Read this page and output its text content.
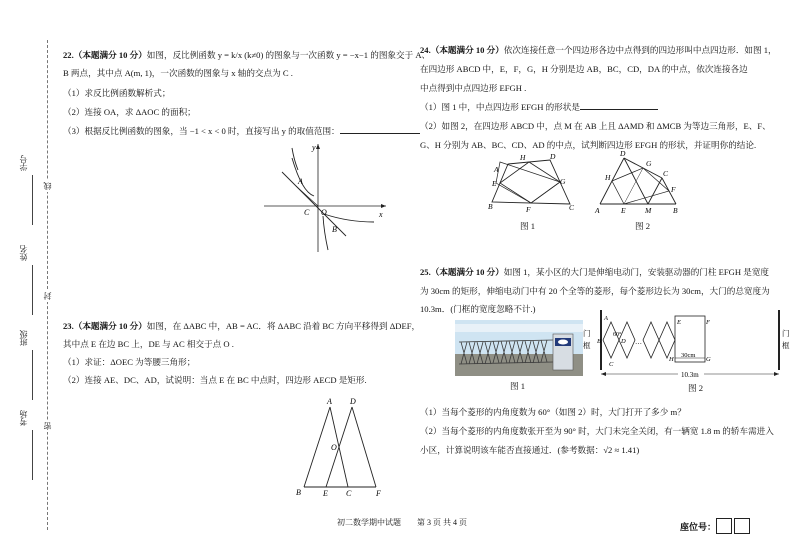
学号
姓名
班级
考场
线
封
密
22.（本题满分 10 分）如图，反比例函数 y = k/x (k≠0) 的图象与一次函数 y = −x−1 的图象交于 A、
B 两点，其中点 A(m, 1)，一次函数的图象与 x 轴的交点为 C .
（1）求反比例函数解析式；
（2）连接 OA，求 ΔAOC 的面积；
（3）根据反比例函数的图象，当 −1 < x < 0 时，直接写出 y 的取值范围：
y
x
A
B
C O
23.（本题满分 10 分）如图，在 ΔABC 中，AB = AC．将 ΔABC 沿着 BC 方向平移得到 ΔDEF，
其中点 E 在边 BC 上，DE 与 AC 相交于点 O .
（1）求证：ΔOEC 为等腰三角形；
（2）连接 AE、DC、AD，试说明：当点 E 在 BC 中点时，四边形 AECD 是矩形.
A D
O
B	E C	F
24.（本题满分 10 分）依次连接任意一个四边形各边中点得到的四边形叫中点四边形．如图 1，
在四边形 ABCD 中，E，F，G，H 分别是边 AB，BC，CD，DA 的中点，依次连接各边
中点得到中点四边形 EFGH .
（1）图 1 中，中点四边形 EFGH 的形状是
（2）如图 2，在四边形 ABCD 中，点 M 在 AB 上且 ΔAMD 和 ΔMCB 为等边三角形，E、F、
G、H 分别为 AB、BC、CD、AD 的中点，试判断四边形 EFGH 的形状，并证明你的结论.
H	D
A
E	G
B	F	C
图 1
D
H	C
G
F
A	E	M	B
图 2
25.（本题满分 10 分）如图 1，某小区的大门是伸缩电动门，安装驱动器的门柱 EFGH 是宽度
为 30cm 的矩形，伸缩电动门中有 20 个全等的菱形，每个菱形边长为 30cm，大门的总宽度为
10.3m．(门框的宽度忽略不计.)
图 1
门
框
门
框
…
60°
A
B
C
D
E	F
G
H
30cm
10.3m
图 2
（1）当每个菱形的内角度数为 60°（如图 2）时，大门打开了多少 m？
（2）当每个菱形的内角度数张开至为 90° 时，大门未完全关闭，有一辆宽 1.8 m 的轿车需进入
小区，计算说明该车能否直接通过．(参考数据：√2 ≈ 1.41)
初二数学期中试题　　第 3 页 共 4 页	座位号：
